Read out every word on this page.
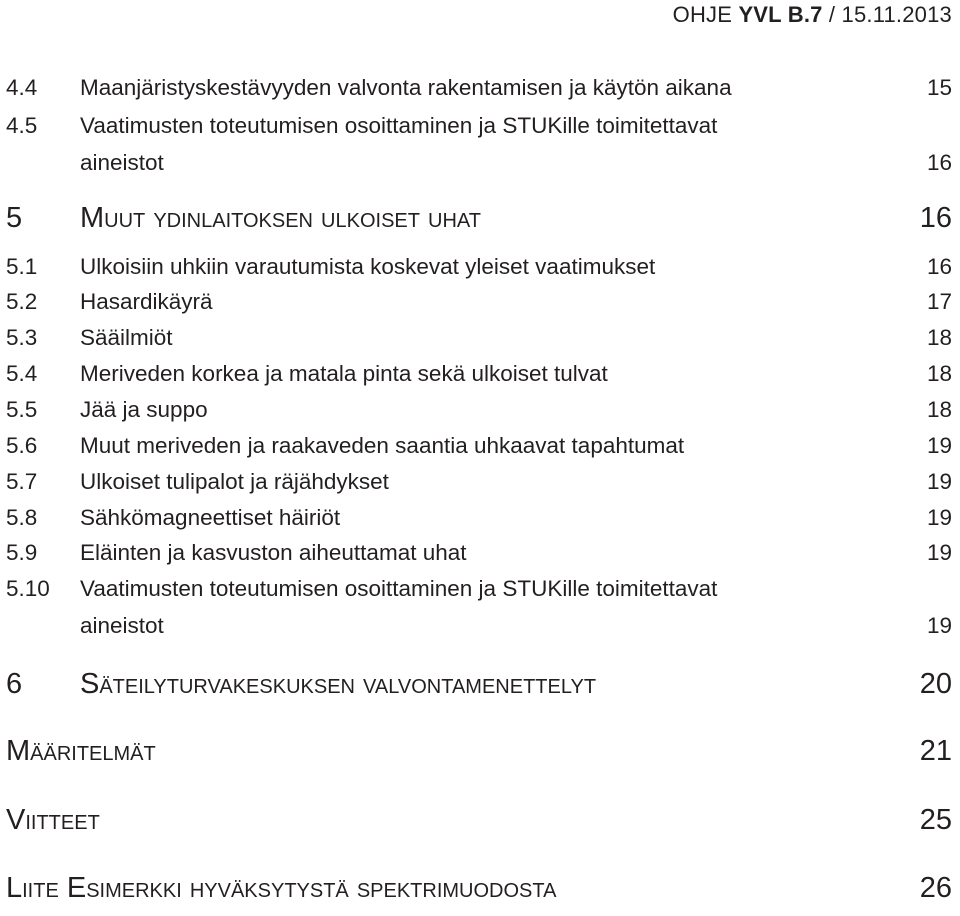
OHJE YVL B.7 / 15.11.2013
4.4 Maanjäristyskestävyyden valvonta rakentamisen ja käytön aikana	15
4.5 Vaatimusten toteutumisen osoittaminen ja STUKille toimitettavat
aineistot	16
5 Muut ydinlaitoksen ulkoiset uhat	16
5.1 Ulkoisiin uhkiin varautumista koskevat yleiset vaatimukset	16
5.2 Hasardikäyrä	17
5.3 Sääilmiöt	18
5.4 Meriveden korkea ja matala pinta sekä ulkoiset tulvat	18
5.5 Jää ja suppo	18
5.6 Muut meriveden ja raakaveden saantia uhkaavat tapahtumat	19
5.7 Ulkoiset tulipalot ja räjähdykset	19
5.8 Sähkömagneettiset häiriöt	19
5.9 Eläinten ja kasvuston aiheuttamat uhat	19
5.10 Vaatimusten toteutumisen osoittaminen ja STUKille toimitettavat
aineistot	19
6 Säteilyturvakeskuksen valvontamenettelyt	20
Määritelmät	21
Viitteet	25
Liite Esimerkki hyväksytystä spektrimuodosta	26
